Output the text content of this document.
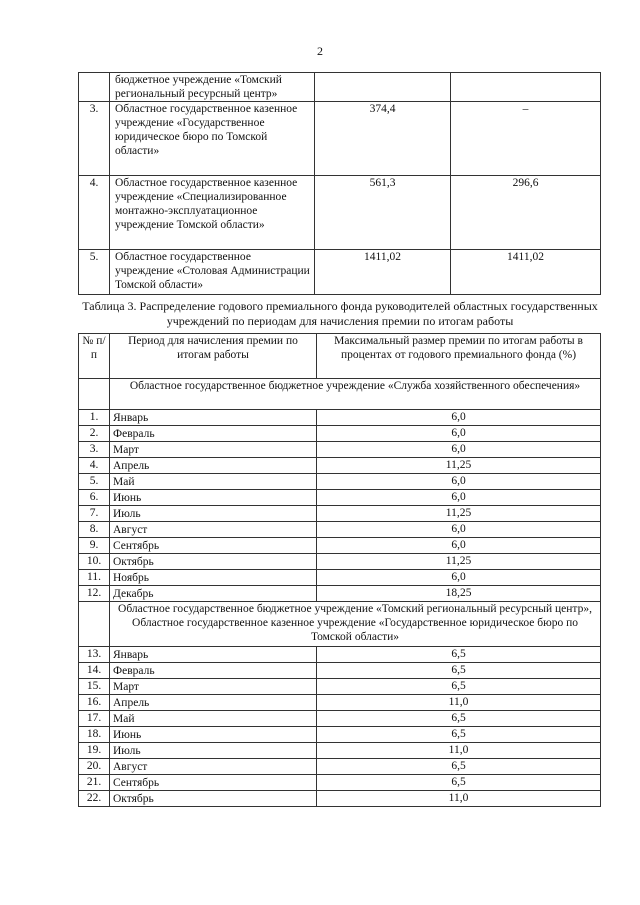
2
	бюджетное учреждение «Томский региональный ресурсный центр»		
3.	Областное государственное казенное учреждение «Государственное юридическое бюро по Томской области»	374,4	–
4.	Областное государственное казенное учреждение «Специализированное монтажно-эксплуатационное учреждение Томской области»	561,3	296,6
5.	Областное государственное учреждение «Столовая Администрации Томской области»	1411,02	1411,02
Таблица 3. Распределение годового премиального фонда руководителей областных государственных учреждений по периодам для начисления премии по итогам работы
№ п/п	Период для начисления премии по итогам работы	Максимальный размер премии по итогам работы в процентах от годового премиального фонда (%)
	Областное государственное бюджетное учреждение «Служба хозяйственного обеспечения»	
1.	Январь	6,0
2.	Февраль	6,0
3.	Март	6,0
4.	Апрель	11,25
5.	Май	6,0
6.	Июнь	6,0
7.	Июль	11,25
8.	Август	6,0
9.	Сентябрь	6,0
10.	Октябрь	11,25
11.	Ноябрь	6,0
12.	Декабрь	18,25
	Областное государственное бюджетное учреждение «Томский региональный ресурсный центр», Областное государственное казенное учреждение «Государственное юридическое бюро по Томской области»	
13.	Январь	6,5
14.	Февраль	6,5
15.	Март	6,5
16.	Апрель	11,0
17.	Май	6,5
18.	Июнь	6,5
19.	Июль	11,0
20.	Август	6,5
21.	Сентябрь	6,5
22.	Октябрь	11,0
